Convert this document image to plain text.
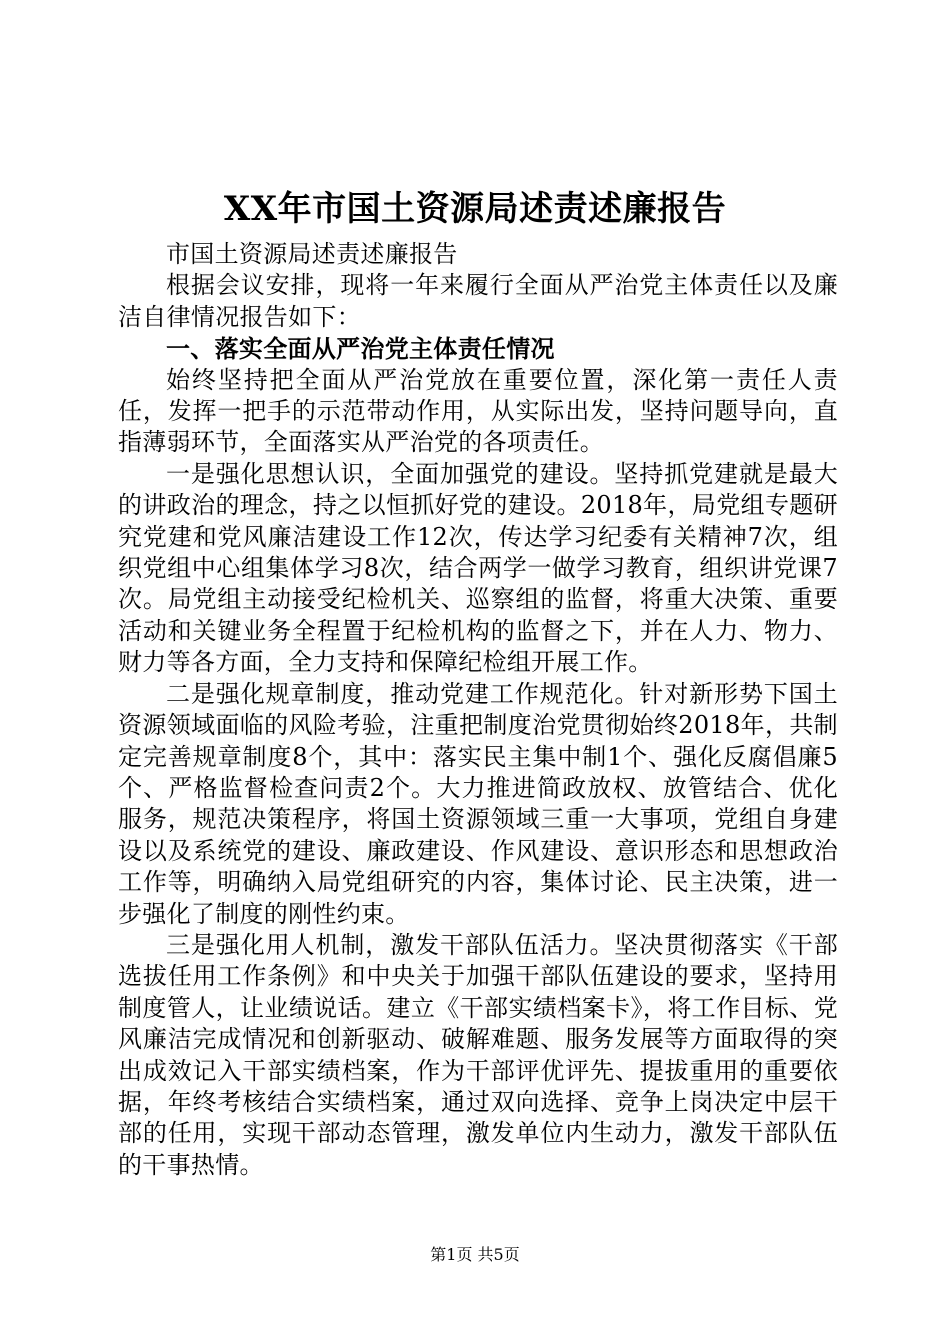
XX年市国土资源局述责述廉报告

市国土资源局述责述廉报告

根据会议安排，现将一年来履行全面从严治党主体责任以及廉洁自律情况报告如下：

一、落实全面从严治党主体责任情况

始终坚持把全面从严治党放在重要位置，深化第一责任人责任，发挥一把手的示范带动作用，从实际出发，坚持问题导向，直指薄弱环节，全面落实从严治党的各项责任。

一是强化思想认识，全面加强党的建设。坚持抓党建就是最大的讲政治的理念，持之以恒抓好党的建设。2018年，局党组专题研究党建和党风廉洁建设工作12次，传达学习纪委有关精神7次，组织党组中心组集体学习8次，结合两学一做学习教育，组织讲党课7次。局党组主动接受纪检机关、巡察组的监督，将重大决策、重要活动和关键业务全程置于纪检机构的监督之下，并在人力、物力、财力等各方面，全力支持和保障纪检组开展工作。

二是强化规章制度，推动党建工作规范化。针对新形势下国土资源领域面临的风险考验，注重把制度治党贯彻始终2018年，共制定完善规章制度8个，其中：落实民主集中制1个、强化反腐倡廉5个、严格监督检查问责2个。大力推进简政放权、放管结合、优化服务，规范决策程序，将国土资源领域三重一大事项，党组自身建设以及系统党的建设、廉政建设、作风建设、意识形态和思想政治工作等，明确纳入局党组研究的内容，集体讨论、民主决策，进一步强化了制度的刚性约束。

三是强化用人机制，激发干部队伍活力。坚决贯彻落实《干部选拔任用工作条例》和中央关于加强干部队伍建设的要求，坚持用制度管人，让业绩说话。建立《干部实绩档案卡》，将工作目标、党风廉洁完成情况和创新驱动、破解难题、服务发展等方面取得的突出成效记入干部实绩档案，作为干部评优评先、提拔重用的重要依据，年终考核结合实绩档案，通过双向选择、竞争上岗决定中层干部的任用，实现干部动态管理，激发单位内生动力，激发干部队伍的干事热情。

第1页 共5页
